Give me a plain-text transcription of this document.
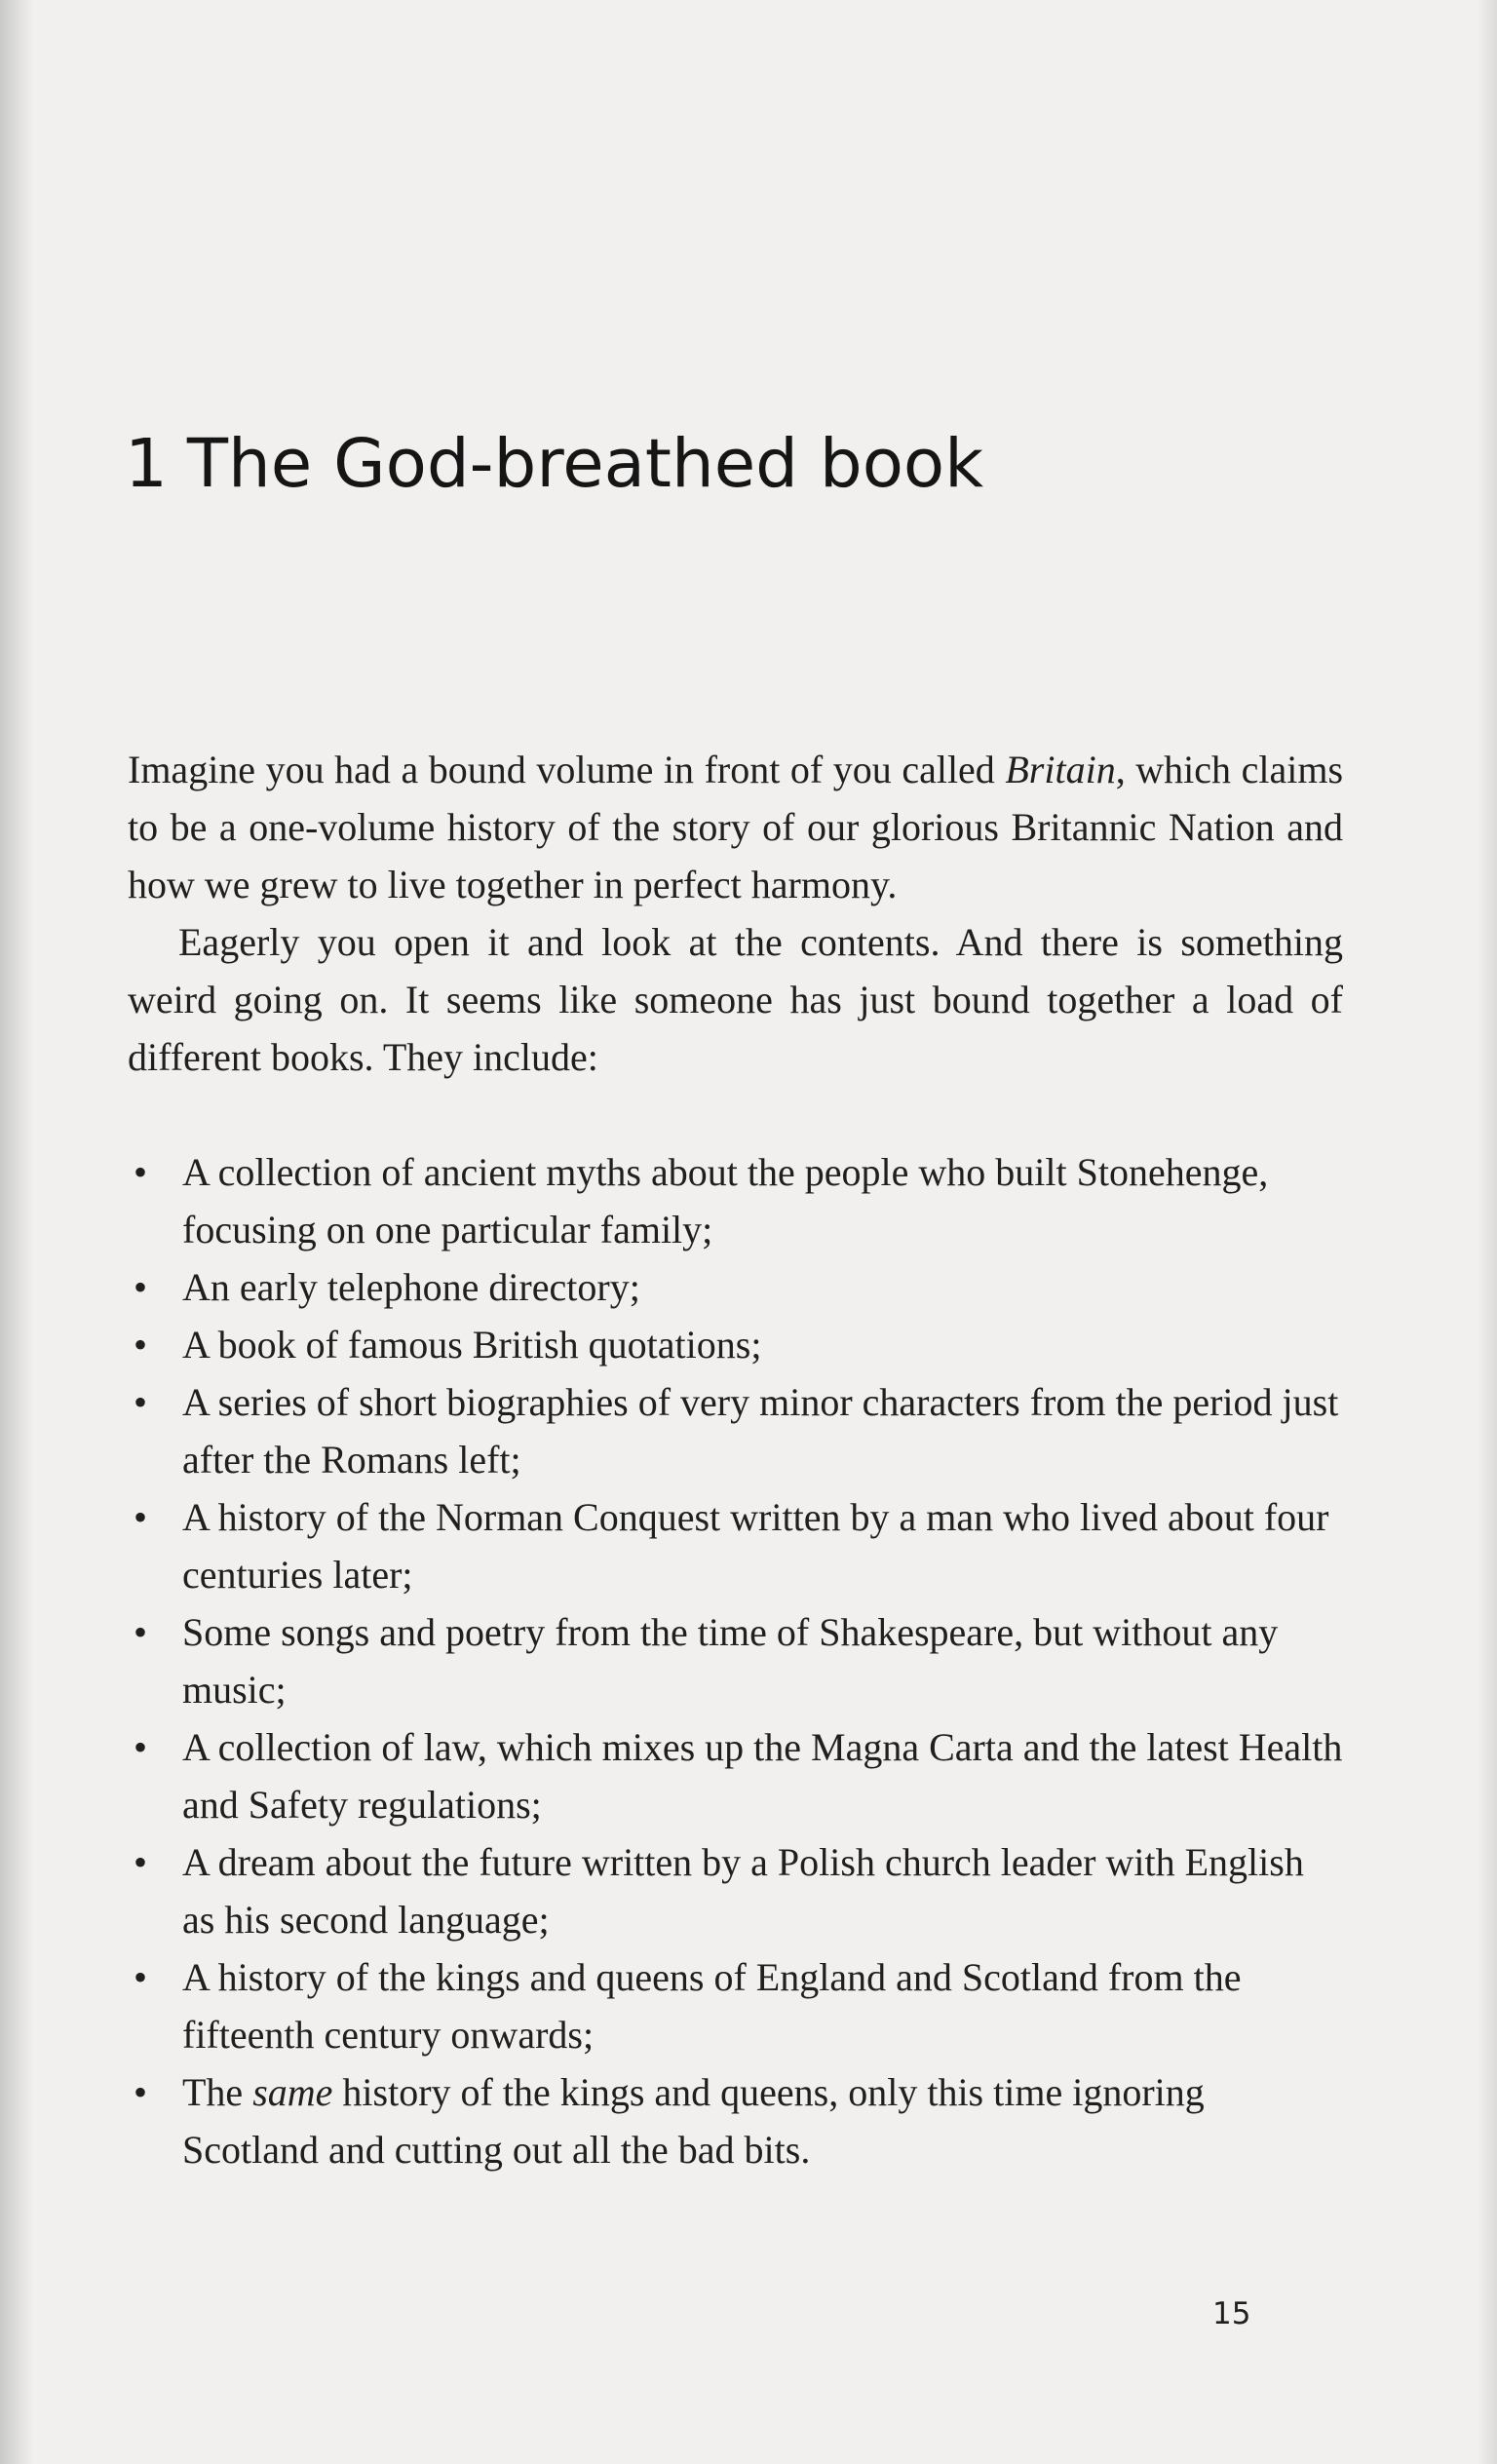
1 The God-breathed book

Imagine you had a bound volume in front of you called Britain, which claims to be a one-volume history of the story of our glorious Britannic Nation and how we grew to live together in perfect harmony.

Eagerly you open it and look at the contents. And there is something weird going on. It seems like someone has just bound together a load of different books. They include:

• A collection of ancient myths about the people who built Stonehenge, focusing on one particular family;
• An early telephone directory;
• A book of famous British quotations;
• A series of short biographies of very minor characters from the period just after the Romans left;
• A history of the Norman Conquest written by a man who lived about four centuries later;
• Some songs and poetry from the time of Shakespeare, but without any music;
• A collection of law, which mixes up the Magna Carta and the latest Health and Safety regulations;
• A dream about the future written by a Polish church leader with English as his second language;
• A history of the kings and queens of England and Scotland from the fifteenth century onwards;
• The same history of the kings and queens, only this time ignoring Scotland and cutting out all the bad bits.
15
